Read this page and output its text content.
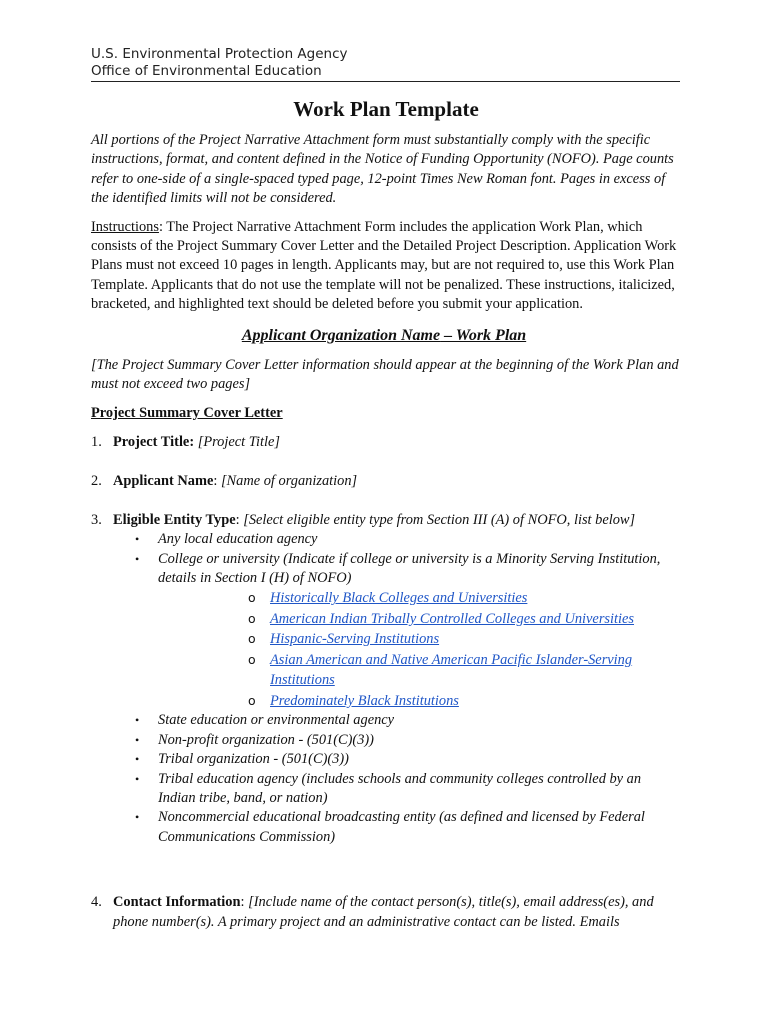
U.S. Environmental Protection Agency
Office of Environmental Education
Work Plan Template
All portions of the Project Narrative Attachment form must substantially comply with the specific instructions, format, and content defined in the Notice of Funding Opportunity (NOFO). Page counts refer to one-side of a single-spaced typed page, 12-point Times New Roman font. Pages in excess of the identified limits will not be considered.
Instructions: The Project Narrative Attachment Form includes the application Work Plan, which consists of the Project Summary Cover Letter and the Detailed Project Description. Application Work Plans must not exceed 10 pages in length. Applicants may, but are not required to, use this Work Plan Template. Applicants that do not use the template will not be penalized. These instructions, italicized, bracketed, and highlighted text should be deleted before you submit your application.
Applicant Organization Name – Work Plan
[The Project Summary Cover Letter information should appear at the beginning of the Work Plan and must not exceed two pages]
Project Summary Cover Letter
1. Project Title: [Project Title]
2. Applicant Name: [Name of organization]
3. Eligible Entity Type: [Select eligible entity type from Section III (A) of NOFO, list below]
• Any local education agency
• College or university (Indicate if college or university is a Minority Serving Institution, details in Section I (H) of NOFO)
o Historically Black Colleges and Universities
o American Indian Tribally Controlled Colleges and Universities
o Hispanic-Serving Institutions
o Asian American and Native American Pacific Islander-Serving Institutions
o Predominately Black Institutions
• State education or environmental agency
• Non-profit organization - (501(C)(3))
• Tribal organization - (501(C)(3))
• Tribal education agency (includes schools and community colleges controlled by an Indian tribe, band, or nation)
• Noncommercial educational broadcasting entity (as defined and licensed by Federal Communications Commission)
4. Contact Information: [Include name of the contact person(s), title(s), email address(es), and phone number(s). A primary project and an administrative contact can be listed. Emails
